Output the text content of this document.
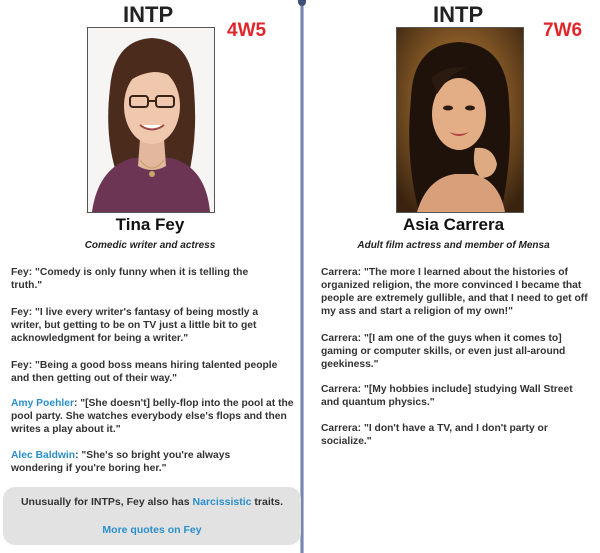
INTP
4W5
Tina Fey
Comedic writer and actress
Fey: "Comedy is only funny when it is telling the truth."
Fey: "I live every writer's fantasy of being mostly a writer, but getting to be on TV just a little bit to get acknowledgment for being a writer."
Fey: "Being a good boss means hiring talented people and then getting out of their way."
Amy Poehler: "[She doesn't] belly-flop into the pool at the pool party. She watches everybody else's flops and then writes a play about it."
Alec Baldwin: "She's so bright you're always wondering if you're boring her."
Unusually for INTPs, Fey also has Narcissistic traits.
More quotes on Fey
INTP
7W6
Asia Carrera
Adult film actress and member of Mensa
Carrera: "The more I learned about the histories of organized religion, the more convinced I became that people are extremely gullible, and that I need to get off my ass and start a religion of my own!"
Carrera: "[I am one of the guys when it comes to] gaming or computer skills, or even just all-around geekiness."
Carrera: "[My hobbies include] studying Wall Street and quantum physics."
Carrera: "I don't have a TV, and I don't party or socialize."
